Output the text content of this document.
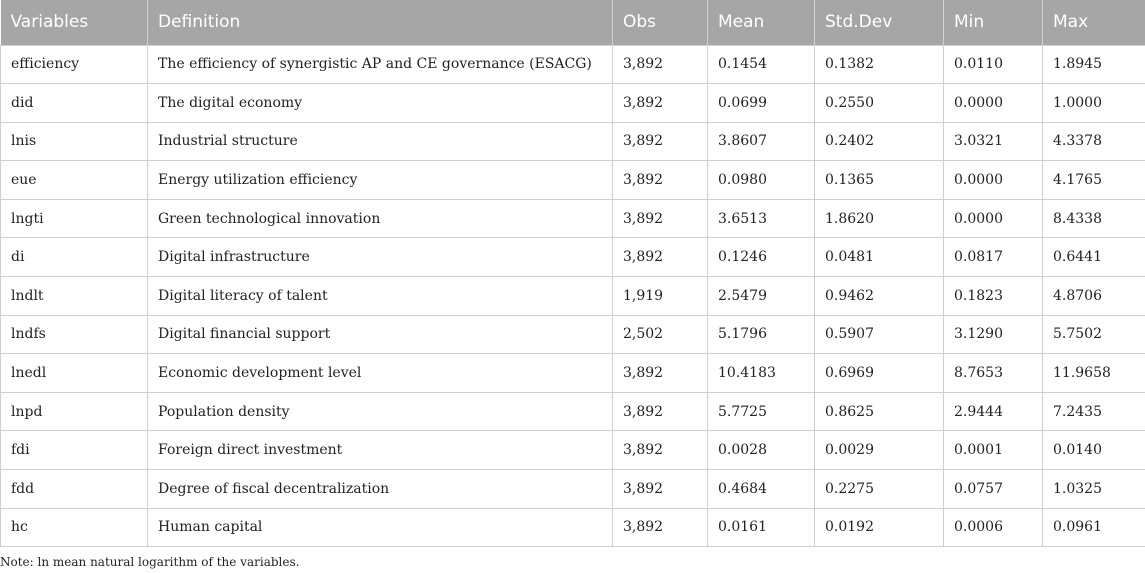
Variables	Definition	Obs	Mean	Std.Dev	Min	Max
efficiency	The efficiency of synergistic AP and CE governance (ESACG)	3,892	0.1454	0.1382	0.0110	1.8945
did	The digital economy	3,892	0.0699	0.2550	0.0000	1.0000
lnis	Industrial structure	3,892	3.8607	0.2402	3.0321	4.3378
eue	Energy utilization efficiency	3,892	0.0980	0.1365	0.0000	4.1765
lngti	Green technological innovation	3,892	3.6513	1.8620	0.0000	8.4338
di	Digital infrastructure	3,892	0.1246	0.0481	0.0817	0.6441
lndlt	Digital literacy of talent	1,919	2.5479	0.9462	0.1823	4.8706
lndfs	Digital financial support	2,502	5.1796	0.5907	3.1290	5.7502
lnedl	Economic development level	3,892	10.4183	0.6969	8.7653	11.9658
lnpd	Population density	3,892	5.7725	0.8625	2.9444	7.2435
fdi	Foreign direct investment	3,892	0.0028	0.0029	0.0001	0.0140
fdd	Degree of fiscal decentralization	3,892	0.4684	0.2275	0.0757	1.0325
hc	Human capital	3,892	0.0161	0.0192	0.0006	0.0961
Note: ln mean natural logarithm of the variables.
